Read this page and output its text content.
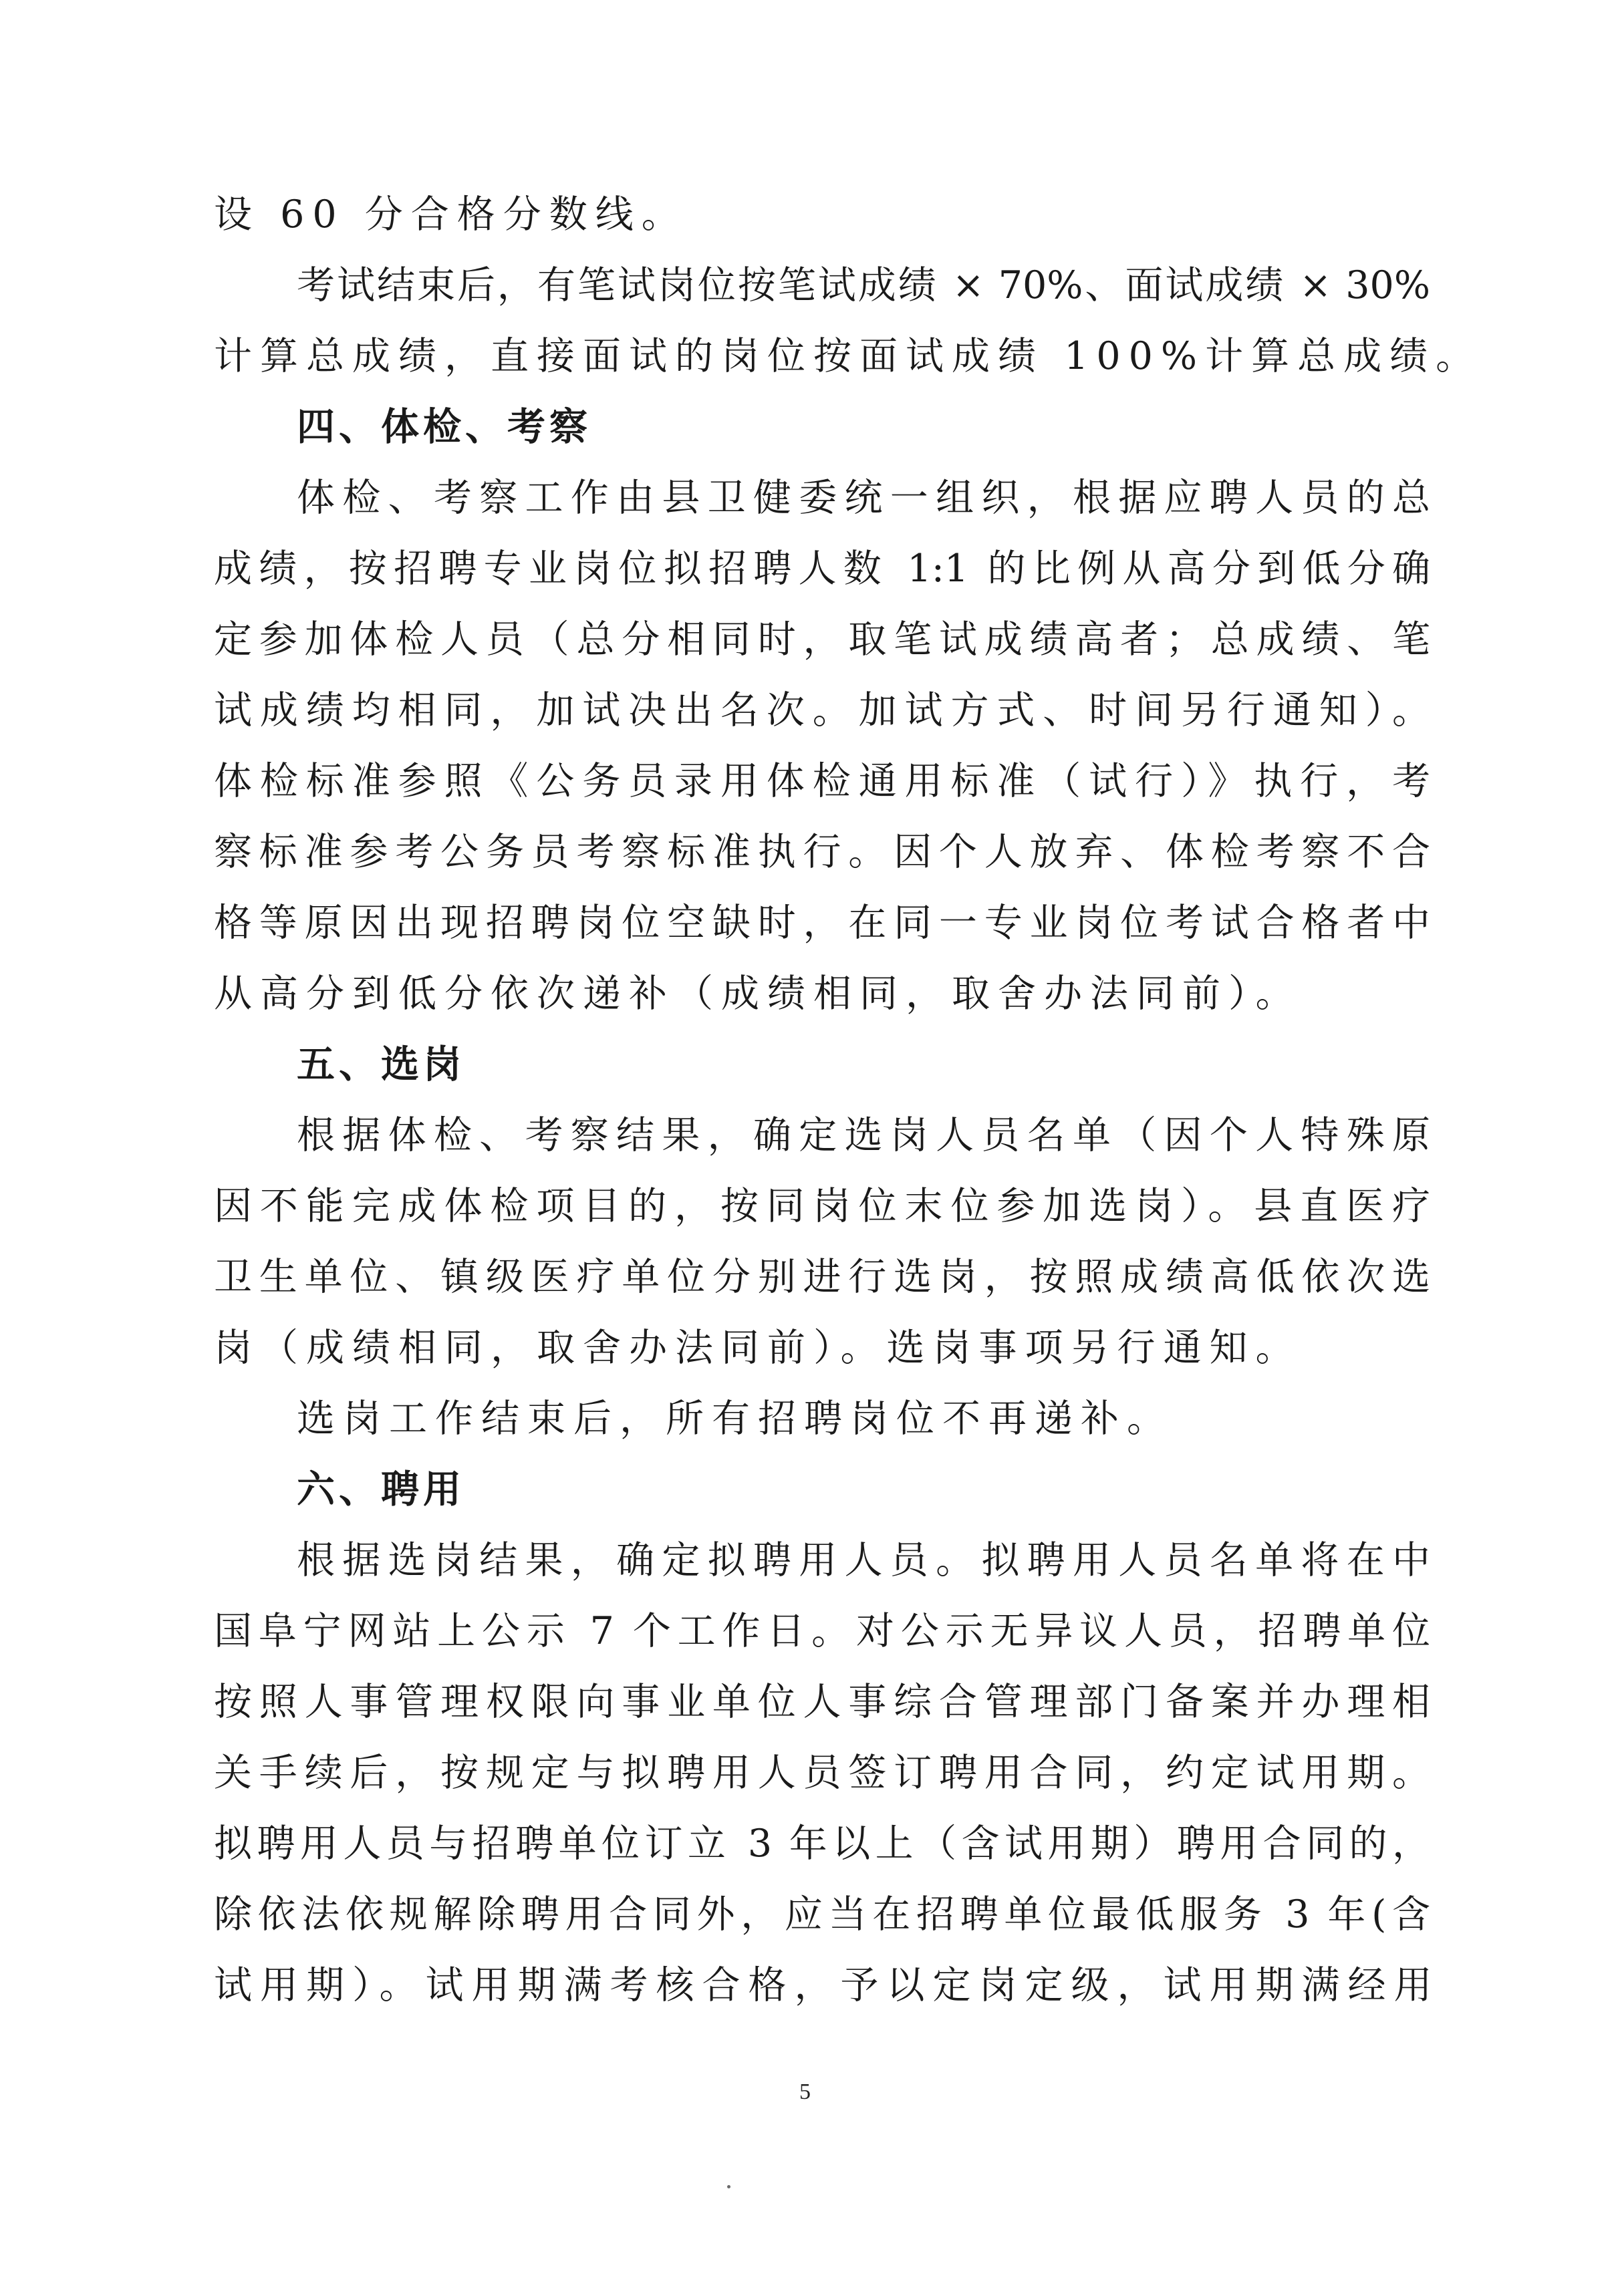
设 60 分合格分数线。
考试结束后，有笔试岗位按笔试成绩 × 70%、面试成绩 × 30%
计算总成绩，直接面试的岗位按面试成绩 100%计算总成绩。
四、体检、考察
体检、考察工作由县卫健委统一组织，根据应聘人员的总
成绩，按招聘专业岗位拟招聘人数 1:1 的比例从高分到低分确
定参加体检人员（总分相同时，取笔试成绩高者；总成绩、笔
试成绩均相同，加试决出名次。加试方式、时间另行通知）。
体检标准参照《公务员录用体检通用标准（试行）》执行，考
察标准参考公务员考察标准执行。因个人放弃、体检考察不合
格等原因出现招聘岗位空缺时，在同一专业岗位考试合格者中
从高分到低分依次递补（成绩相同，取舍办法同前）。
五、选岗
根据体检、考察结果，确定选岗人员名单（因个人特殊原
因不能完成体检项目的，按同岗位末位参加选岗）。县直医疗
卫生单位、镇级医疗单位分别进行选岗，按照成绩高低依次选
岗（成绩相同，取舍办法同前）。选岗事项另行通知。
选岗工作结束后，所有招聘岗位不再递补。
六、聘用
根据选岗结果，确定拟聘用人员。拟聘用人员名单将在中
国阜宁网站上公示 7 个工作日。对公示无异议人员，招聘单位
按照人事管理权限向事业单位人事综合管理部门备案并办理相
关手续后，按规定与拟聘用人员签订聘用合同，约定试用期。
拟聘用人员与招聘单位订立 3 年以上（含试用期）聘用合同的，
除依法依规解除聘用合同外，应当在招聘单位最低服务 3 年(含
试用期）。试用期满考核合格，予以定岗定级，试用期满经用
5
